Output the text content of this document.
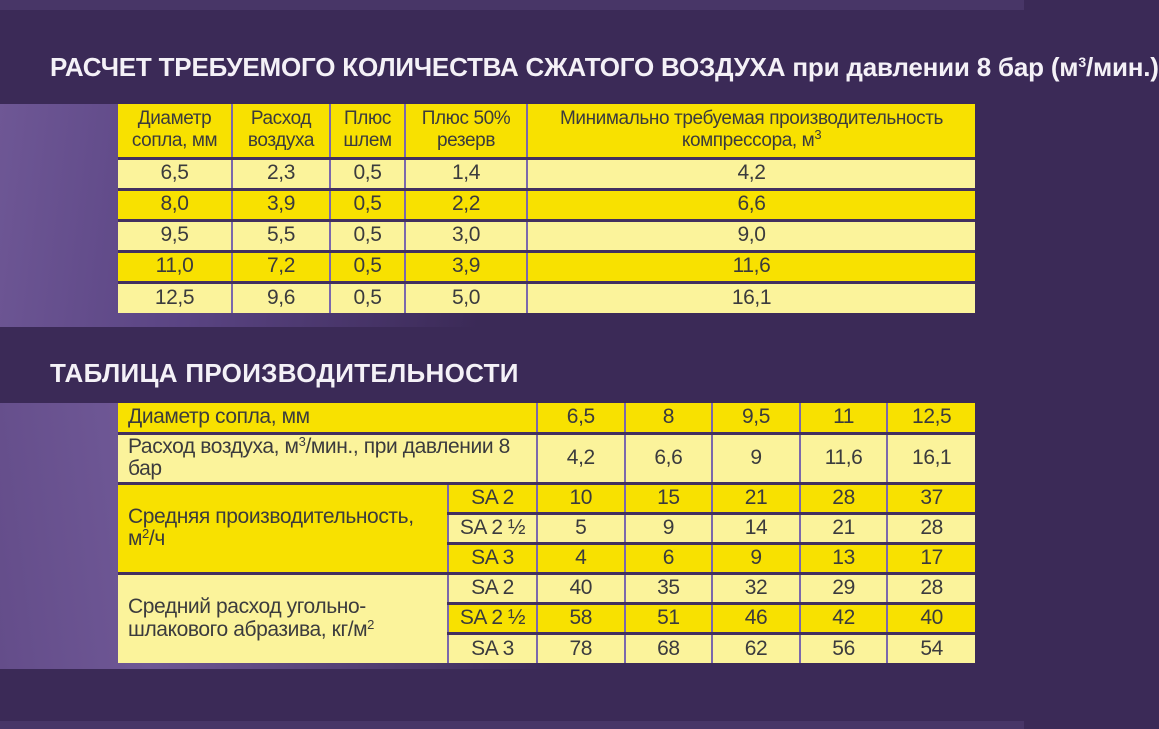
РАСЧЕТ ТРЕБУЕМОГО КОЛИЧЕСТВА СЖАТОГО ВОЗДУХА при давлении 8 бар $(м^3/мин.)$
Диаметр сопла, мм	Расход воздуха	Плюс шлем	Плюс 50% резерв	Минимально требуемая производительность компрессора, $м^3$
6,5	2,3	0,5	1,4	4,2
8,0	3,9	0,5	2,2	6,6
9,5	5,5	0,5	3,0	9,0
11,0	7,2	0,5	3,9	11,6
12,5	9,6	0,5	5,0	16,1
ТАБЛИЦА ПРОИЗВОДИТЕЛЬНОСТИ
Диаметр сопла, мм		6,5	8	9,5	11	12,5
Расход воздуха, $м^3$/мин., при давлении 8 бар		4,2	6,6	9	11,6	16,1
Средняя производительность, $м^2/ч$	SA 2	10	15	21	28	37
	SA 2 ½	5	9	14	21	28
	SA 3	4	6	9	13	17
Средний расход угольно-шлакового абразива, $кг/м^2$	SA 2	40	35	32	29	28
	SA 2 ½	58	51	46	42	40
	SA 3	78	68	62	56	54
